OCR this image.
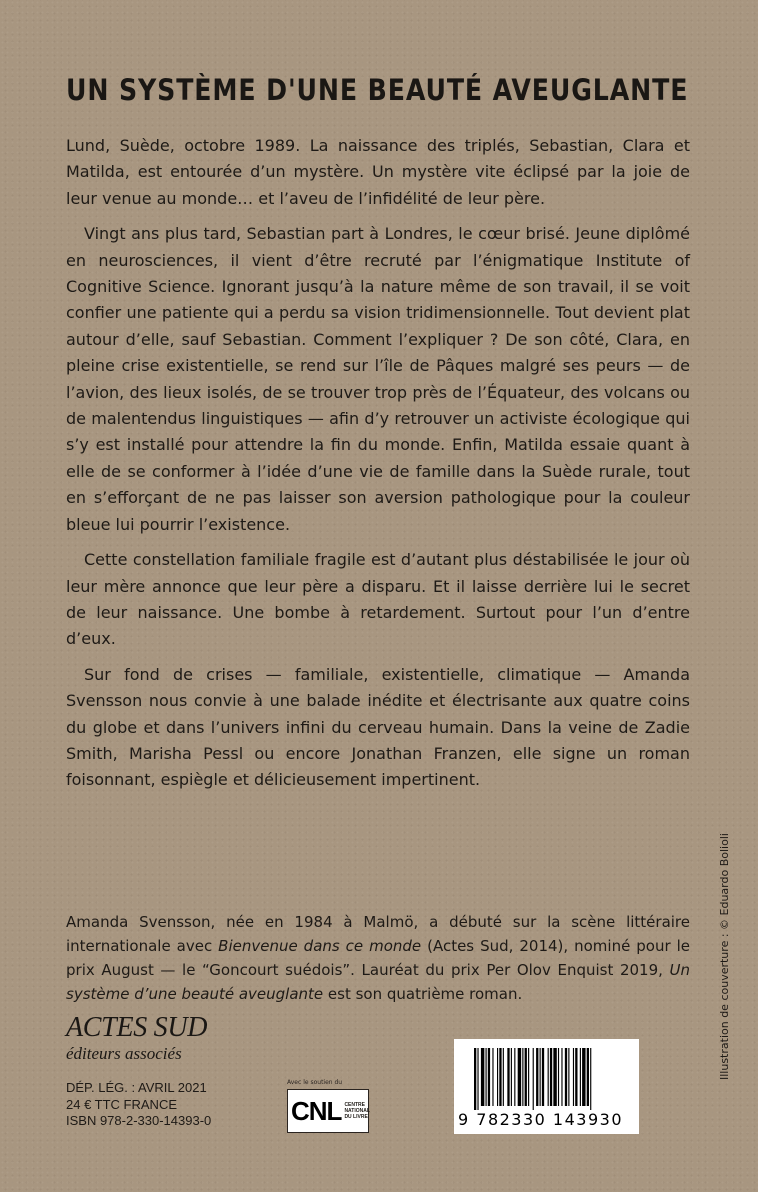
UN SYSTÈME D'UNE BEAUTÉ AVEUGLANTE

Lund, Suède, octobre 1989. La naissance des triplés, Sebastian, Clara et Matilda, est entourée d’un mystère. Un mystère vite éclipsé par la joie de leur venue au monde… et l’aveu de l’infidélité de leur père.

Vingt ans plus tard, Sebastian part à Londres, le cœur brisé. Jeune diplômé en neurosciences, il vient d’être recruté par l’énigmatique Institute of Cognitive Science. Ignorant jusqu’à la nature même de son travail, il se voit confier une patiente qui a perdu sa vision tridimensionnelle. Tout devient plat autour d’elle, sauf Sebastian. Comment l’expliquer ? De son côté, Clara, en pleine crise existentielle, se rend sur l’île de Pâques malgré ses peurs — de l’avion, des lieux isolés, de se trouver trop près de l’Équateur, des volcans ou de malentendus linguistiques — afin d’y retrouver un activiste écologique qui s’y est installé pour attendre la fin du monde. Enfin, Matilda essaie quant à elle de se conformer à l’idée d’une vie de famille dans la Suède rurale, tout en s’efforçant de ne pas laisser son aversion pathologique pour la couleur bleue lui pourrir l’existence.

Cette constellation familiale fragile est d’autant plus déstabilisée le jour où leur mère annonce que leur père a disparu. Et il laisse derrière lui le secret de leur naissance. Une bombe à retardement. Surtout pour l’un d’entre d’eux.

Sur fond de crises — familiale, existentielle, climatique — Amanda Svensson nous convie à une balade inédite et électrisante aux quatre coins du globe et dans l’univers infini du cerveau humain. Dans la veine de Zadie Smith, Marisha Pessl ou encore Jonathan Franzen, elle signe un roman foisonnant, espiègle et délicieusement impertinent.

Amanda Svensson, née en 1984 à Malmö, a débuté sur la scène littéraire internationale avec Bienvenue dans ce monde (Actes Sud, 2014), nominé pour le prix August — le “Goncourt suédois”. Lauréat du prix Per Olov Enquist 2019, Un système d’une beauté aveuglante est son quatrième roman.

ACTES SUD
éditeurs associés
DÉP. LÉG. : AVRIL 2021
24 € TTC FRANCE
ISBN 978-2-330-14393-0
Avec le soutien du
CNL CENTRE NATIONAL DU LIVRE	9 782330 143930
Illustration de couverture : © Eduardo Bolioli
